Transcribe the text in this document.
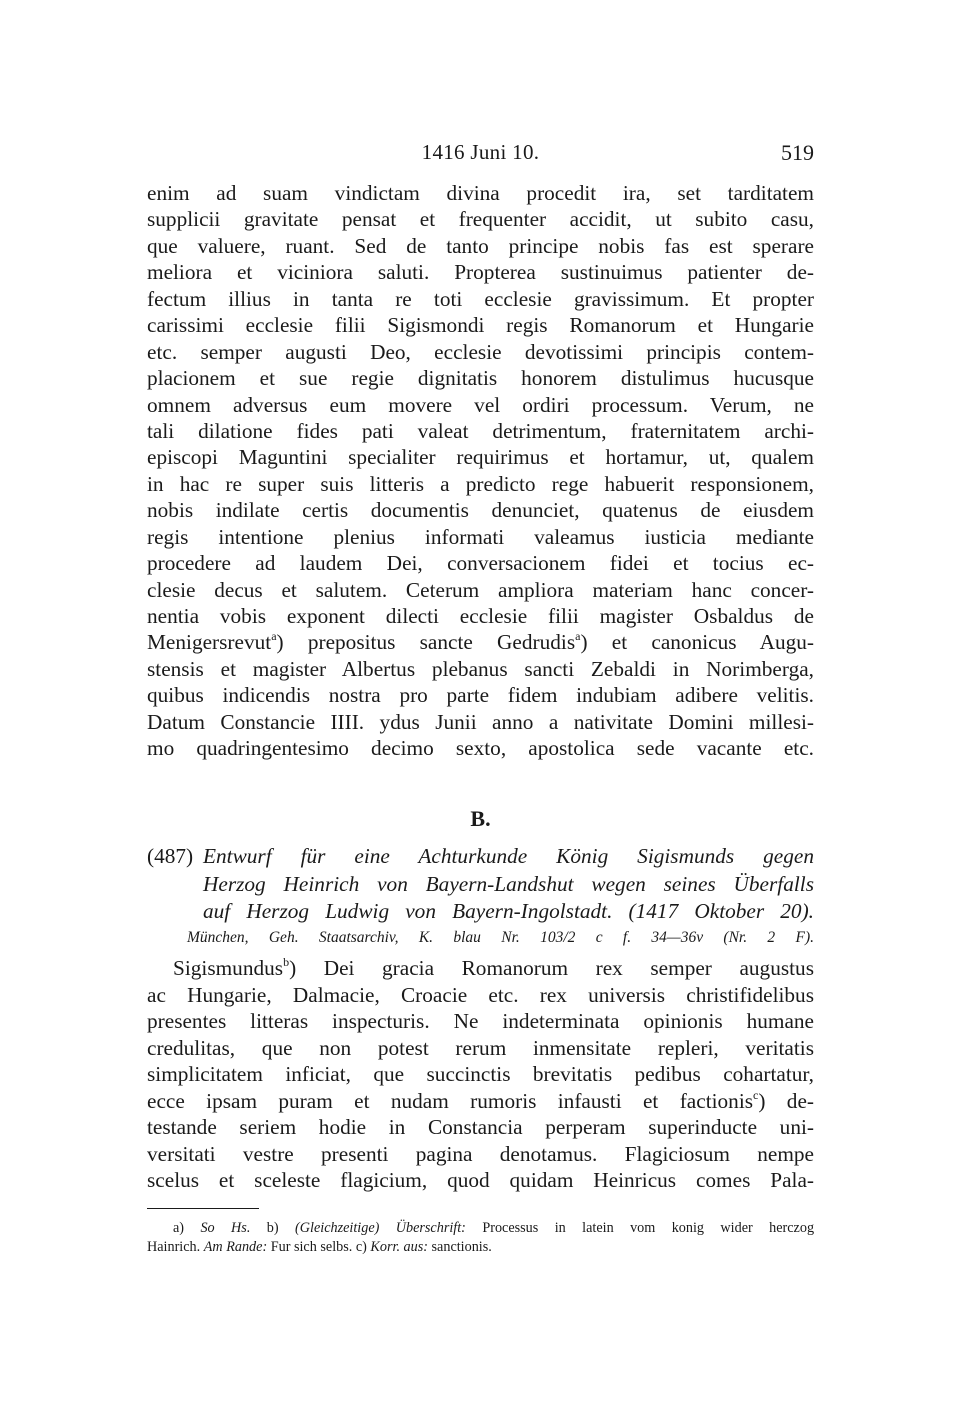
1416 Juni 10.	519
enim ad suam vindictam divina procedit ira, set tarditatem
supplicii gravitate pensat et frequenter accidit, ut subito casu,
que valuere, ruant. Sed de tanto principe nobis fas est sperare
meliora et viciniora saluti. Propterea sustinuimus patienter de-
fectum illius in tanta re toti ecclesie gravissimum. Et propter
carissimi ecclesie filii Sigismondi regis Romanorum et Hungarie
etc. semper augusti Deo, ecclesie devotissimi principis contem-
placionem et sue regie dignitatis honorem distulimus hucusque
omnem adversus eum movere vel ordiri processum. Verum, ne
tali dilatione fides pati valeat detrimentum, fraternitatem archi-
episcopi Maguntini specialiter requirimus et hortamur, ut, qualem
in hac re super suis litteris a predicto rege habuerit responsionem,
nobis indilate certis documentis denunciet, quatenus de eiusdem
regis intentione plenius informati valeamus iusticia mediante
procedere ad laudem Dei, conversacionem fidei et tocius ec-
clesie decus et salutem. Ceterum ampliora materiam hanc concer-
nentia vobis exponent dilecti ecclesie filii magister Osbaldus de
Menigersrevut$^a$) prepositus sancte Gedrudis$^a$) et canonicus Augu-
stensis et magister Albertus plebanus sancti Zebaldi in Norimberga,
quibus indicendis nostra pro parte fidem indubiam adibere velitis.
Datum Constancie IIII. ydus Junii anno a nativitate Domini millesi-
mo quadringentesimo decimo sexto, apostolica sede vacante etc.
B.
(487) Entwurf für eine Achturkunde König Sigismunds gegen
Herzog Heinrich von Bayern-Landshut wegen seines Überfalls
auf Herzog Ludwig von Bayern-Ingolstadt. (1417 Oktober 20).
München, Geh. Staatsarchiv, K. blau Nr. 103/2 c f. 34—36v (Nr. 2 F).
Sigismundus$^b$) Dei gracia Romanorum rex semper augustus
ac Hungarie, Dalmacie, Croacie etc. rex universis christifidelibus
presentes litteras inspecturis. Ne indeterminata opinionis humane
credulitas, que non potest rerum inmensitate repleri, veritatis
simplicitatem inficiat, que succinctis brevitatis pedibus cohartatur,
ecce ipsam puram et nudam rumoris infausti et factionis$^c$) de-
testande seriem hodie in Constancia perperam superinducte uni-
versitati vestre presenti pagina denotamus. Flagiciosum nempe
scelus et sceleste flagicium, quod quidam Heinricus comes Pala-
a) So Hs. b) (Gleichzeitige) Überschrift: Processus in latein vom konig wider herczog
Hainrich. Am Rande: Fur sich selbs. c) Korr. aus: sanctionis.
